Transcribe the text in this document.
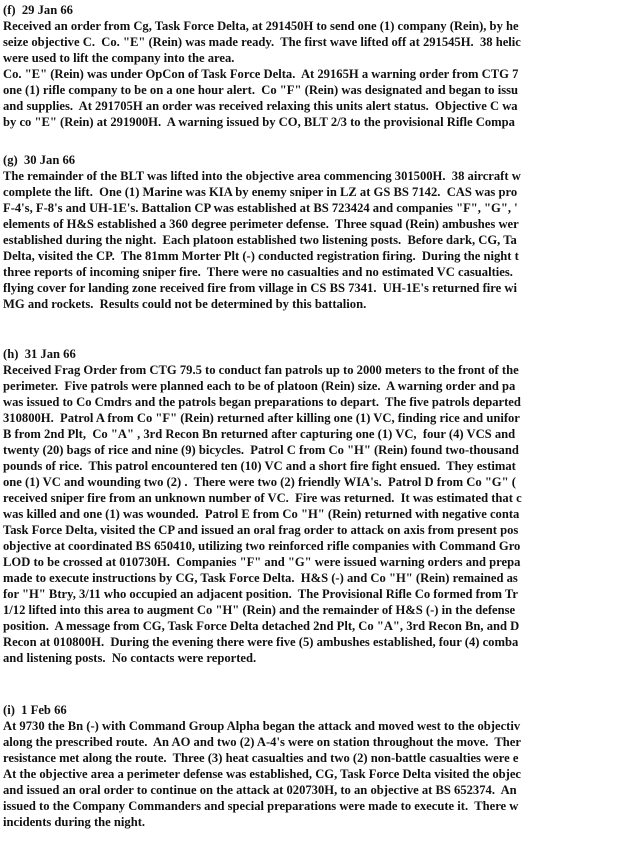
(f)  29 Jan 66
Received an order from Cg, Task Force Delta, at 291450H to send one (1) company (Rein), by he
seize objective C.  Co. "E" (Rein) was made ready.  The first wave lifted off at 291545H.  38 helic
were used to lift the company into the area.
Co. "E" (Rein) was under OpCon of Task Force Delta.  At 29165H a warning order from CTG 7
one (1) rifle company to be on a one hour alert.  Co "F" (Rein) was designated and began to issu
and supplies.  At 291705H an order was received relaxing this units alert status.  Objective C wa
by co "E" (Rein) at 291900H.  A warning issued by CO, BLT 2/3 to the provisional Rifle Compa
(g)  30 Jan 66
The remainder of the BLT was lifted into the objective area commencing 301500H.  38 aircraft w
complete the lift.  One (1) Marine was KIA by enemy sniper in LZ at GS BS 7142.  CAS was pro
F-4's, F-8's and UH-1E's. Battalion CP was established at BS 723424 and companies "F", "G", '
elements of H&S established a 360 degree perimeter defense.  Three squad (Rein) ambushes wer
established during the night.  Each platoon established two listening posts.  Before dark, CG, Ta
Delta, visited the CP.  The 81mm Morter Plt (-) conducted registration firing.  During the night t
three reports of incoming sniper fire.  There were no casualties and no estimated VC casualties.
flying cover for landing zone received fire from village in CS BS 7341.  UH-1E's returned fire wi
MG and rockets.  Results could not be determined by this battalion.
(h)  31 Jan 66
Received Frag Order from CTG 79.5 to conduct fan patrols up to 2000 meters to the front of the
perimeter.  Five patrols were planned each to be of platoon (Rein) size.  A warning order and pa
was issued to Co Cmdrs and the patrols began preparations to depart.  The five patrols departed
310800H.  Patrol A from Co "F" (Rein) returned after killing one (1) VC, finding rice and unifor
B from 2nd Plt,  Co "A" , 3rd Recon Bn returned after capturing one (1) VC,  four (4) VCS and
twenty (20) bags of rice and nine (9) bicycles.  Patrol C from Co "H" (Rein) found two-thousand
pounds of rice.  This patrol encountered ten (10) VC and a short fire fight ensued.  They estimat
one (1) VC and wounding two (2) .  There were two (2) friendly WIA's.  Patrol D from Co "G" (
received sniper fire from an unknown number of VC.  Fire was returned.  It was estimated that c
was killed and one (1) was wounded.  Patrol E from Co "H" (Rein) returned with negative conta
Task Force Delta, visited the CP and issued an oral frag order to attack on axis from present pos
objective at coordinated BS 650410, utilizing two reinforced rifle companies with Command Gro
LOD to be crossed at 010730H.  Companies "F" and "G" were issued warning orders and prepa
made to execute instructions by CG, Task Force Delta.  H&S (-) and Co "H" (Rein) remained as
for "H" Btry, 3/11 who occupied an adjacent position.  The Provisional Rifle Co formed from Tr
1/12 lifted into this area to augment Co "H" (Rein) and the remainder of H&S (-) in the defense
position.  A message from CG, Task Force Delta detached 2nd Plt, Co "A", 3rd Recon Bn, and D
Recon at 010800H.  During the evening there were five (5) ambushes established, four (4) comba
and listening posts.  No contacts were reported.
(i)  1 Feb 66
At 9730 the Bn (-) with Command Group Alpha began the attack and moved west to the objectiv
along the prescribed route.  An AO and two (2) A-4's were on station throughout the move.  Ther
resistance met along the route.  Three (3) heat casualties and two (2) non-battle casualties were e
At the objective area a perimeter defense was established, CG, Task Force Delta visited the objec
and issued an oral order to continue on the attack at 020730H, to an objective at BS 652374.  An
issued to the Company Commanders and special preparations were made to execute it.  There w
incidents during the night.
